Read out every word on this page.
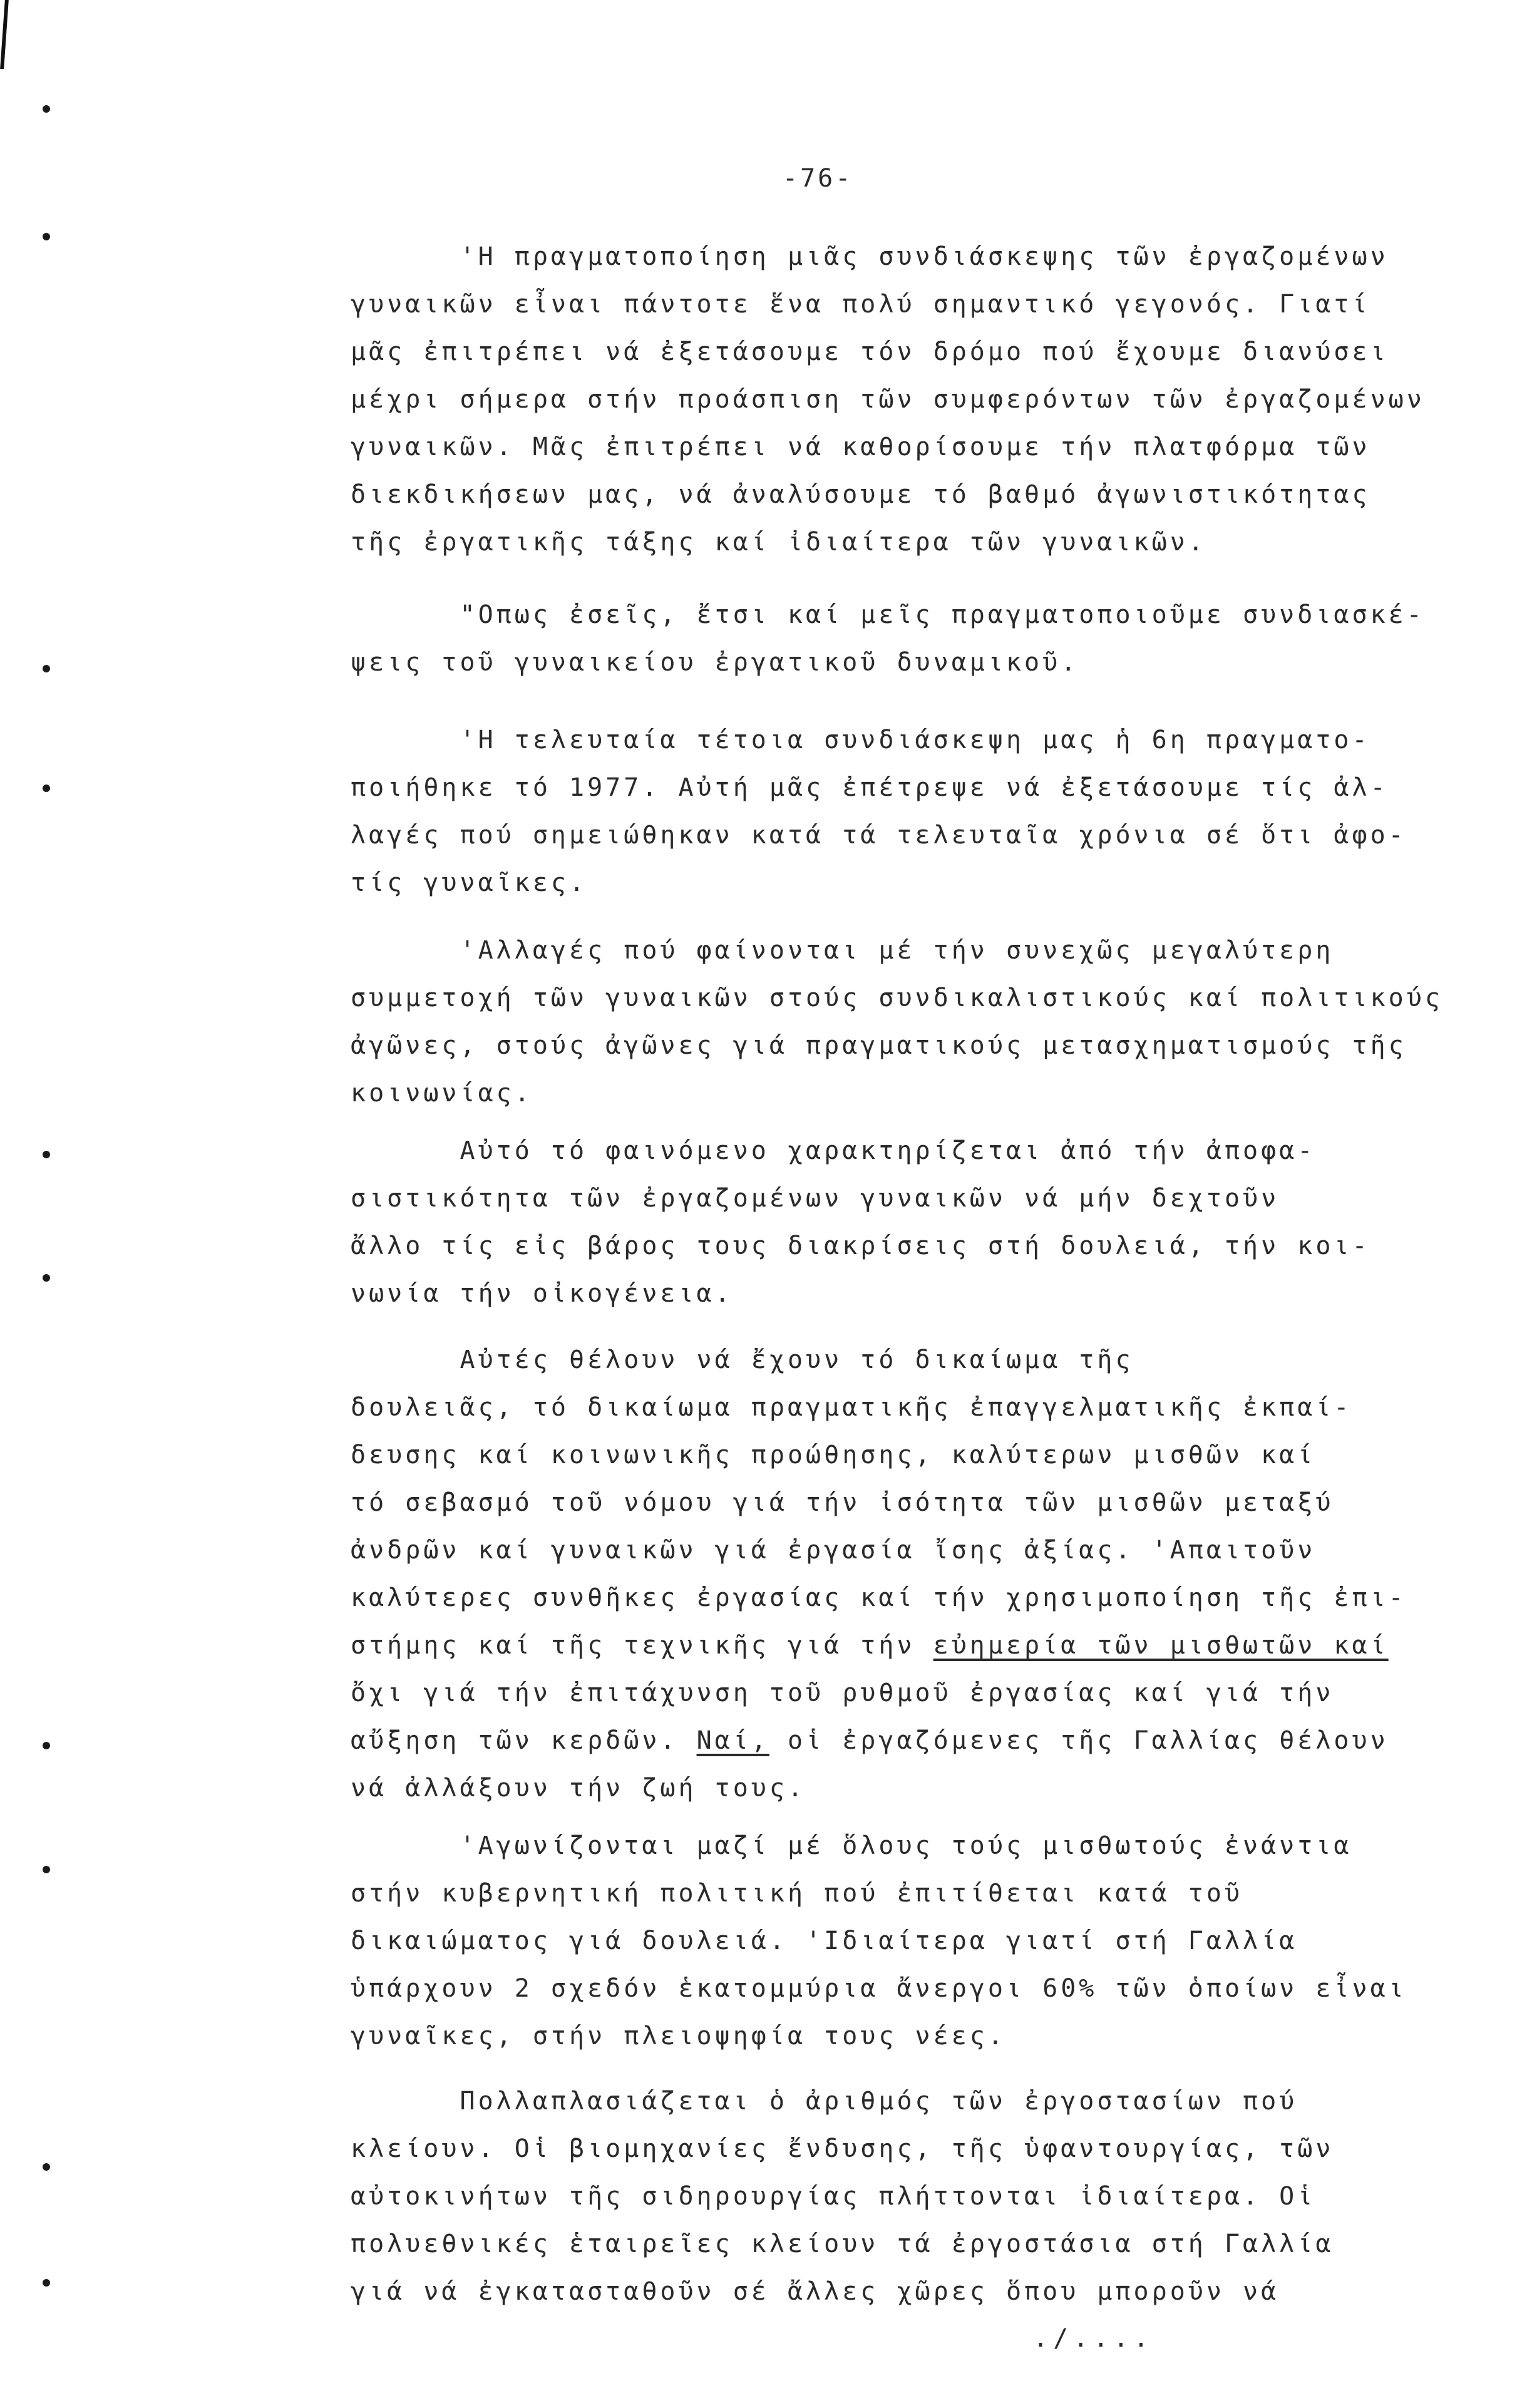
-76-
'Η πραγματοποίηση μιᾶς συνδιάσκεψης τῶν ἐργαζομένων
γυναικῶν εἶναι πάντοτε ἕνα πολύ σημαντικό γεγονός. Γιατί
μᾶς ἐπιτρέπει νά ἐξετάσουμε τόν δρόμο πού ἔχουμε διανύσει
μέχρι σήμερα στήν προάσπιση τῶν συμφερόντων τῶν ἐργαζομένων
γυναικῶν. Μᾶς ἐπιτρέπει νά καθορίσουμε τήν πλατφόρμα τῶν
διεκδικήσεων μας, νά ἀναλύσουμε τό βαθμό ἀγωνιστικότητας
τῆς ἐργατικῆς τάξης καί ἰδιαίτερα τῶν γυναικῶν.
"Οπως ἐσεῖς, ἔτσι καί μεῖς πραγματοποιοῦμε συνδιασκέ-
ψεις τοῦ γυναικείου ἐργατικοῦ δυναμικοῦ.
'Η τελευταία τέτοια συνδιάσκεψη μας ἡ 6η πραγματο-
ποιήθηκε τό 1977. Αὐτή μᾶς ἐπέτρεψε νά ἐξετάσουμε τίς ἀλ-
λαγές πού σημειώθηκαν κατά τά τελευταῖα χρόνια σέ ὅτι ἀφο-
τίς γυναῖκες.
'Αλλαγές πού φαίνονται μέ τήν συνεχῶς μεγαλύτερη
συμμετοχή τῶν γυναικῶν στούς συνδικαλιστικούς καί πολιτικούς
ἀγῶνες, στούς ἀγῶνες γιά πραγματικούς μετασχηματισμούς τῆς
κοινωνίας.
Αὐτό τό φαινόμενο χαρακτηρίζεται ἀπό τήν ἀποφα-
σιστικότητα τῶν ἐργαζομένων γυναικῶν νά μήν δεχτοῦν
ἄλλο τίς εἰς βάρος τους διακρίσεις στή δουλειά, τήν κοι-
νωνία τήν οἰκογένεια.
Αὐτές θέλουν νά ἔχουν τό δικαίωμα τῆς
δουλειᾶς, τό δικαίωμα πραγματικῆς ἐπαγγελματικῆς ἐκπαί-
δευσης καί κοινωνικῆς προώθησης, καλύτερων μισθῶν καί
τό σεβασμό τοῦ νόμου γιά τήν ἰσότητα τῶν μισθῶν μεταξύ
ἀνδρῶν καί γυναικῶν γιά ἐργασία ἴσης ἀξίας. 'Απαιτοῦν
καλύτερες συνθῆκες ἐργασίας καί τήν χρησιμοποίηση τῆς ἐπι-
στήμης καί τῆς τεχνικῆς γιά τήν εὐημερία τῶν μισθωτῶν καί
ὄχι γιά τήν ἐπιτάχυνση τοῦ ρυθμοῦ ἐργασίας καί γιά τήν
αὔξηση τῶν κερδῶν. Ναί, οἱ ἐργαζόμενες τῆς Γαλλίας θέλουν
νά ἀλλάξουν τήν ζωή τους.
'Αγωνίζονται μαζί μέ ὅλους τούς μισθωτούς ἐνάντια
στήν κυβερνητική πολιτική πού ἐπιτίθεται κατά τοῦ
δικαιώματος γιά δουλειά. 'Ιδιαίτερα γιατί στή Γαλλία
ὑπάρχουν 2 σχεδόν ἑκατομμύρια ἄνεργοι 60% τῶν ὁποίων εἶναι
γυναῖκες, στήν πλειοψηφία τους νέες.
Πολλαπλασιάζεται ὁ ἀριθμός τῶν ἐργοστασίων πού
κλείουν. Οἱ βιομηχανίες ἔνδυσης, τῆς ὑφαντουργίας, τῶν
αὐτοκινήτων τῆς σιδηρουργίας πλήττονται ἰδιαίτερα. Οἱ
πολυεθνικές ἑταιρεῖες κλείουν τά ἐργοστάσια στή Γαλλία
γιά νά ἐγκατασταθοῦν σέ ἄλλες χῶρες ὅπου μποροῦν νά
./....
